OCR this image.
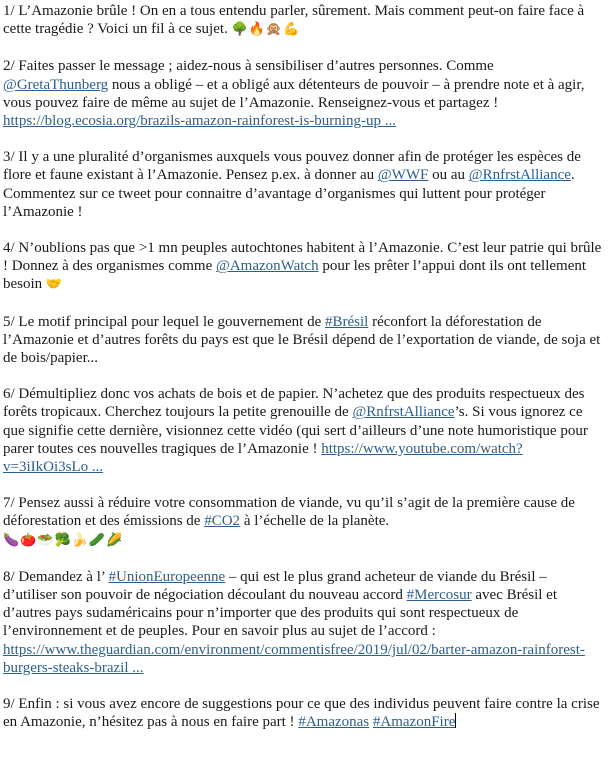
1/ L’Amazonie brûle ! On en a tous entendu parler, sûrement. Mais comment peut-on faire face à cette tragédie ? Voici un fil à ce sujet. 🌳🔥🙊💪

2/ Faites passer le message ; aidez-nous à sensibiliser d’autres personnes. Comme @GretaThunberg nous a obligé – et a obligé aux détenteurs de pouvoir – à prendre note et à agir, vous pouvez faire de même au sujet de l’Amazonie. Renseignez-vous et partagez ! https://blog.ecosia.org/brazils-amazon-rainforest-is-burning-up ...

3/ Il y a une pluralité d’organismes auxquels vous pouvez donner afin de protéger les espèces de flore et faune existant à l’Amazonie. Pensez p.ex. à donner au @WWF ou au @RnfrstAlliance. Commentez sur ce tweet pour connaitre d’avantage d’organismes qui luttent pour protéger l’Amazonie !

4/ N’oublions pas que >1 mn peuples autochtones habitent à l’Amazonie. C’est leur patrie qui brûle ! Donnez à des organismes comme @AmazonWatch pour les prêter l’appui dont ils ont tellement besoin 🤝

5/ Le motif principal pour lequel le gouvernement de #Brésil réconfort la déforestation de l’Amazonie et d’autres forêts du pays est que le Brésil dépend de l’exportation de viande, de soja et de bois/papier...

6/ Démultipliez donc vos achats de bois et de papier. N’achetez que des produits respectueux des forêts tropicaux. Cherchez toujours la petite grenouille de @RnfrstAlliance’s. Si vous ignorez ce que signifie cette dernière, visionnez cette vidéo (qui sert d’ailleurs d’une note humoristique pour parer toutes ces nouvelles tragiques de l’Amazonie ! https://www.youtube.com/watch?v=3iIkOi3sLo ...

7/ Pensez aussi à réduire votre consommation de viande, vu qu’il s’agit de la première cause de déforestation et des émissions de #CO2 à l’échelle de la planète.
🍆🍅🥗🥦🍌🥒🌽

8/ Demandez à l’ #UnionEuropeenne – qui est le plus grand acheteur de viande du Brésil – d’utiliser son pouvoir de négociation découlant du nouveau accord #Mercosur avec Brésil et d’autres pays sudaméricains pour n’importer que des produits qui sont respectueux de l’environnement et de peuples. Pour en savoir plus au sujet de l’accord : https://www.theguardian.com/environment/commentisfree/2019/jul/02/barter-amazon-rainforest-burgers-steaks-brazil ...

9/ Enfin : si vous avez encore de suggestions pour ce que des individus peuvent faire contre la crise en Amazonie, n’hésitez pas à nous en faire part ! #Amazonas #AmazonFire
